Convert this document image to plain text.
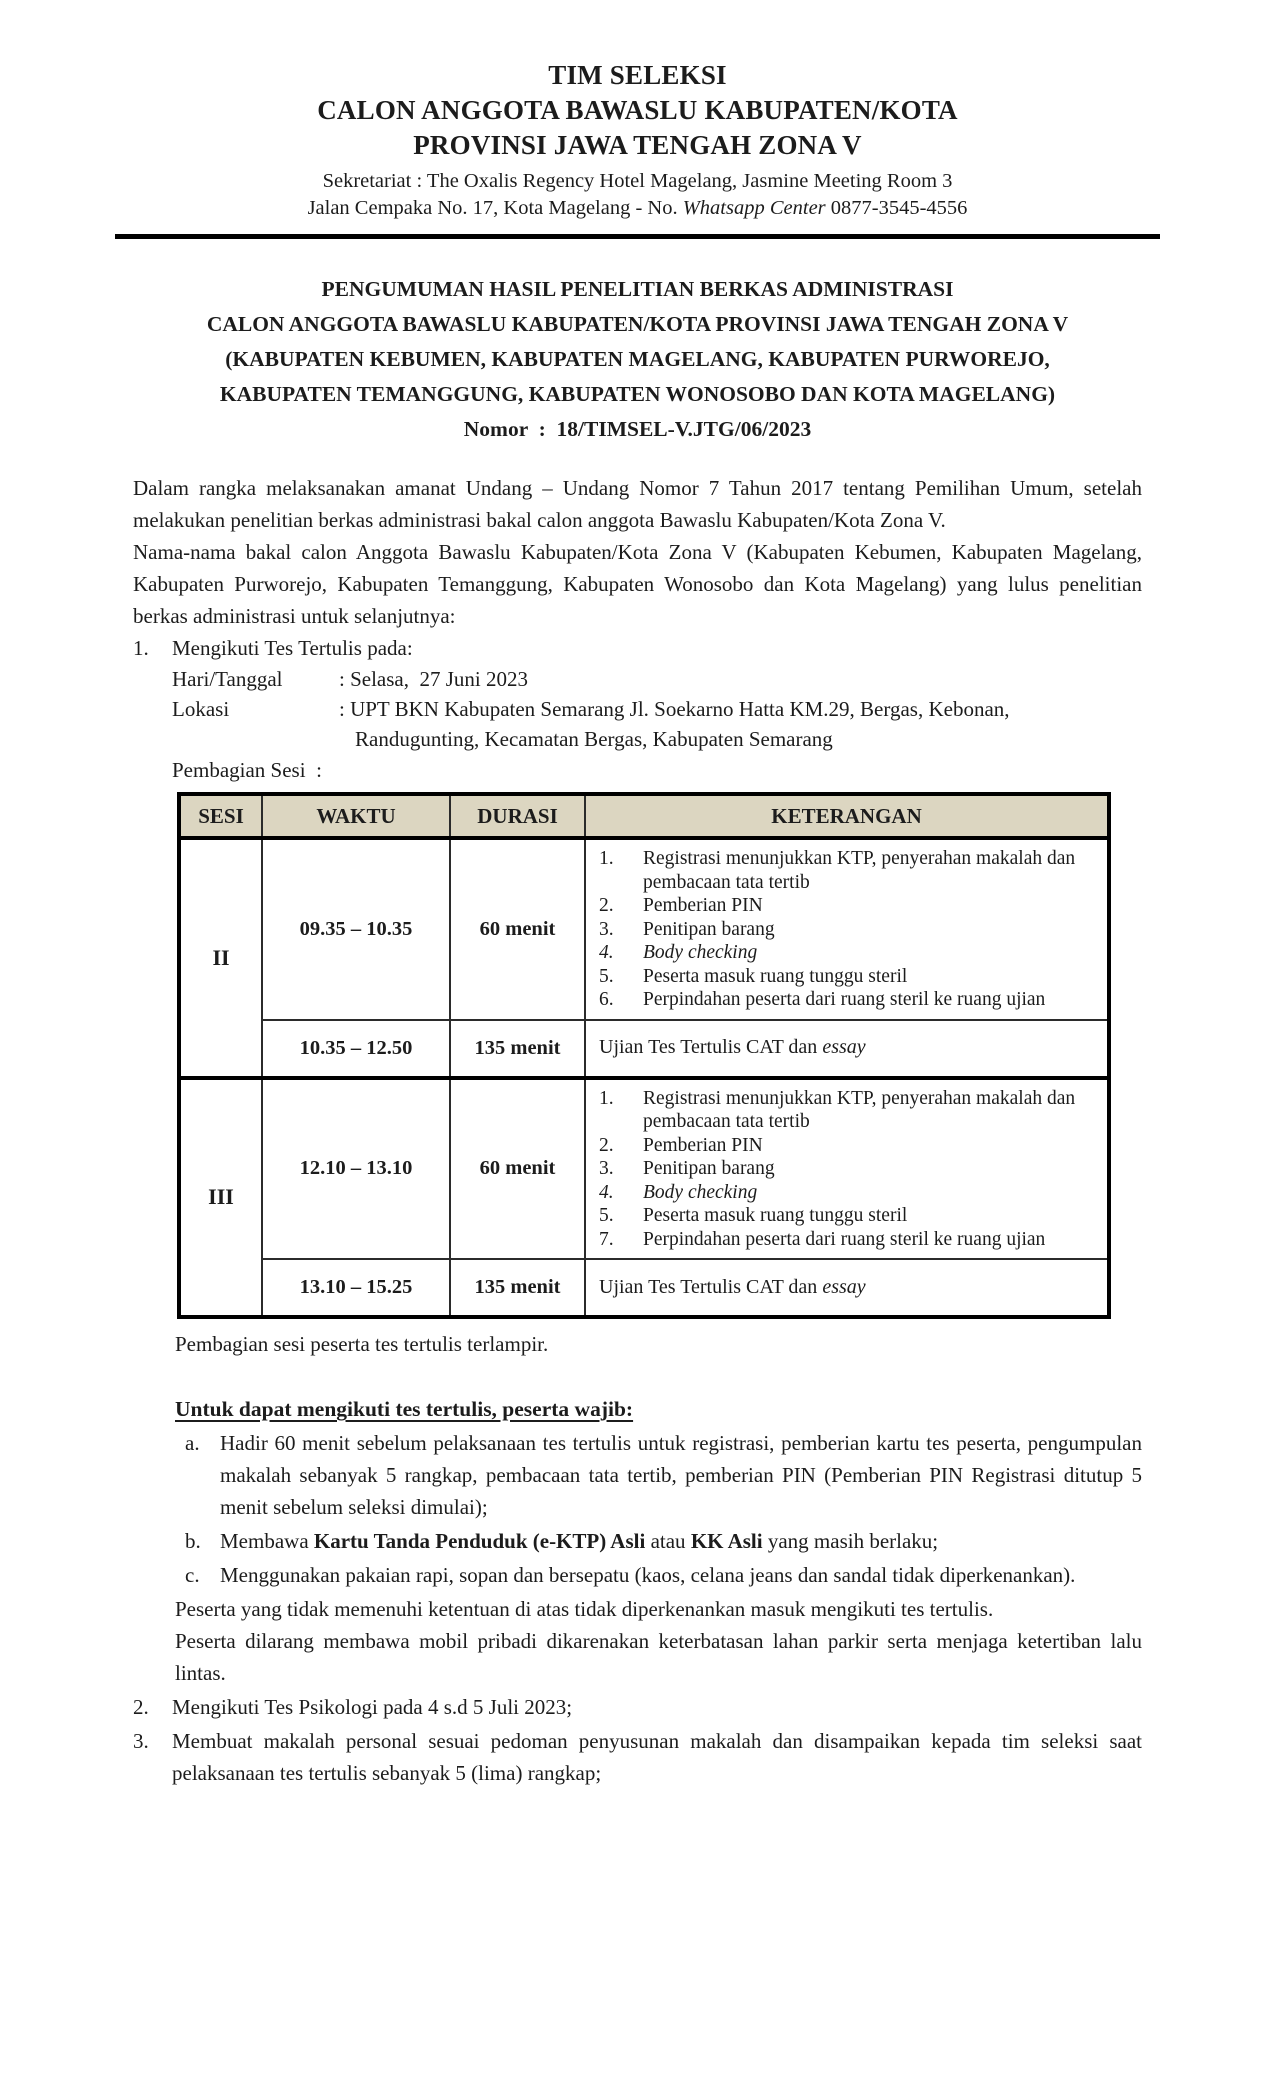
TIM SELEKSI
CALON ANGGOTA BAWASLU KABUPATEN/KOTA
PROVINSI JAWA TENGAH ZONA V
Sekretariat : The Oxalis Regency Hotel Magelang, Jasmine Meeting Room 3
Jalan Cempaka No. 17, Kota Magelang - No. Whatsapp Center 0877-3545-4556
PENGUMUMAN HASIL PENELITIAN BERKAS ADMINISTRASI
CALON ANGGOTA BAWASLU KABUPATEN/KOTA PROVINSI JAWA TENGAH ZONA V
(KABUPATEN KEBUMEN, KABUPATEN MAGELANG, KABUPATEN PURWOREJO,
KABUPATEN TEMANGGUNG, KABUPATEN WONOSOBO DAN KOTA MAGELANG)
Nomor  :  18/TIMSEL-V.JTG/06/2023

Dalam rangka melaksanakan amanat Undang – Undang Nomor 7 Tahun 2017 tentang Pemilihan Umum, setelah melakukan penelitian berkas administrasi bakal calon anggota Bawaslu Kabupaten/Kota Zona V.

Nama-nama bakal calon Anggota Bawaslu Kabupaten/Kota Zona V (Kabupaten Kebumen, Kabupaten Magelang, Kabupaten Purworejo, Kabupaten Temanggung, Kabupaten Wonosobo dan Kota Magelang) yang lulus penelitian berkas administrasi untuk selanjutnya:

1.	Mengikuti Tes Tertulis pada:
Hari/Tanggal	: Selasa,  27 Juni 2023
Lokasi	: UPT BKN Kabupaten Semarang Jl. Soekarno Hatta KM.29, Bergas, Kebonan,
Randugunting, Kecamatan Bergas, Kabupaten Semarang
Pembagian Sesi  :
SESI	WAKTU	DURASI	KETERANGAN
II	09.35 – 10.35	60 menit	
1.	Registrasi menunjukkan KTP, penyerahan makalah dan pembacaan tata tertib
2.	Pemberian PIN
3.	Penitipan barang
4.	Body checking
5.	Peserta masuk ruang tunggu steril
6.	Perpindahan peserta dari ruang steril ke ruang ujian

	10.35 – 12.50	135 menit	Ujian Tes Tertulis CAT dan essay
III	12.10 – 13.10	60 menit	
1.	Registrasi menunjukkan KTP, penyerahan makalah dan pembacaan tata tertib
2.	Pemberian PIN
3.	Penitipan barang
4.	Body checking
5.	Peserta masuk ruang tunggu steril
7.	Perpindahan peserta dari ruang steril ke ruang ujian

	13.10 – 15.25	135 menit	Ujian Tes Tertulis CAT dan essay
Pembagian sesi peserta tes tertulis terlampir.
Untuk dapat mengikuti tes tertulis, peserta wajib:
a. Hadir 60 menit sebelum pelaksanaan tes tertulis untuk registrasi, pemberian kartu tes peserta, pengumpulan makalah sebanyak 5 rangkap, pembacaan tata tertib, pemberian PIN (Pemberian PIN Registrasi ditutup 5 menit sebelum seleksi dimulai);
b. Membawa Kartu Tanda Penduduk (e-KTP) Asli atau KK Asli yang masih berlaku;
c. Menggunakan pakaian rapi, sopan dan bersepatu (kaos, celana jeans dan sandal tidak diperkenankan).
Peserta yang tidak memenuhi ketentuan di atas tidak diperkenankan masuk mengikuti tes tertulis.
Peserta dilarang membawa mobil pribadi dikarenakan keterbatasan lahan parkir serta menjaga ketertiban lalu lintas.
2.	Mengikuti Tes Psikologi pada 4 s.d 5 Juli 2023;
3.	Membuat makalah personal sesuai pedoman penyusunan makalah dan disampaikan kepada tim seleksi saat pelaksanaan tes tertulis sebanyak 5 (lima) rangkap;
